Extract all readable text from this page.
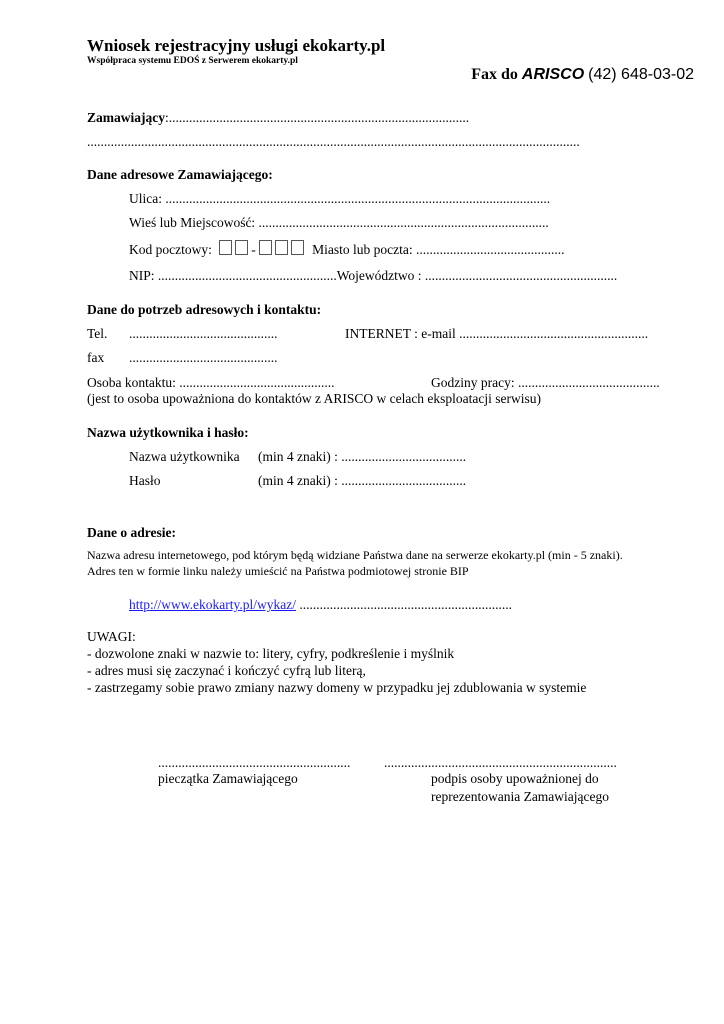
Wniosek rejestracyjny usługi ekokarty.pl
Współpraca systemu EDOŚ z Serwerem ekokarty.pl
Fax do ARISCO (42) 648-03-02
Zamawiający:.........................................................................................
..................................................................................................................................................
Dane adresowe Zamawiającego:
Ulica: ..................................................................................................................
Wieś lub Miejscowość: ......................................................................................
Kod pocztowy:	-	Miasto lub poczta: ............................................
NIP: .....................................................Województwo : .........................................................
Dane do potrzeb adresowych i kontaktu:
Tel. ............................................	INTERNET : e-mail ........................................................
fax ............................................
Osoba kontaktu: ..............................................	Godziny pracy: ..........................................
(jest to osoba upoważniona do kontaktów z ARISCO w celach eksploatacji serwisu)
Nazwa użytkownika i hasło:
Nazwa użytkownika (min 4 znaki) : .....................................
Hasło	(min 4 znaki) : .....................................
Dane o adresie:
Nazwa adresu internetowego, pod którym będą widziane Państwa dane na serwerze ekokarty.pl (min - 5 znaki).
Adres ten w formie linku należy umieścić na Państwa podmiotowej stronie BIP
http://www.ekokarty.pl/wykaz/ ...............................................................
UWAGI:
- dozwolone znaki w nazwie to: litery, cyfry, podkreślenie i myślnik
- adres musi się zaczynać i kończyć cyfrą lub literą,
- zastrzegamy sobie prawo zmiany nazwy domeny w przypadku jej zdublowania w systemie
......................................................... .....................................................................
pieczątka Zamawiającego	podpis osoby upoważnionej do
reprezentowania Zamawiającego
